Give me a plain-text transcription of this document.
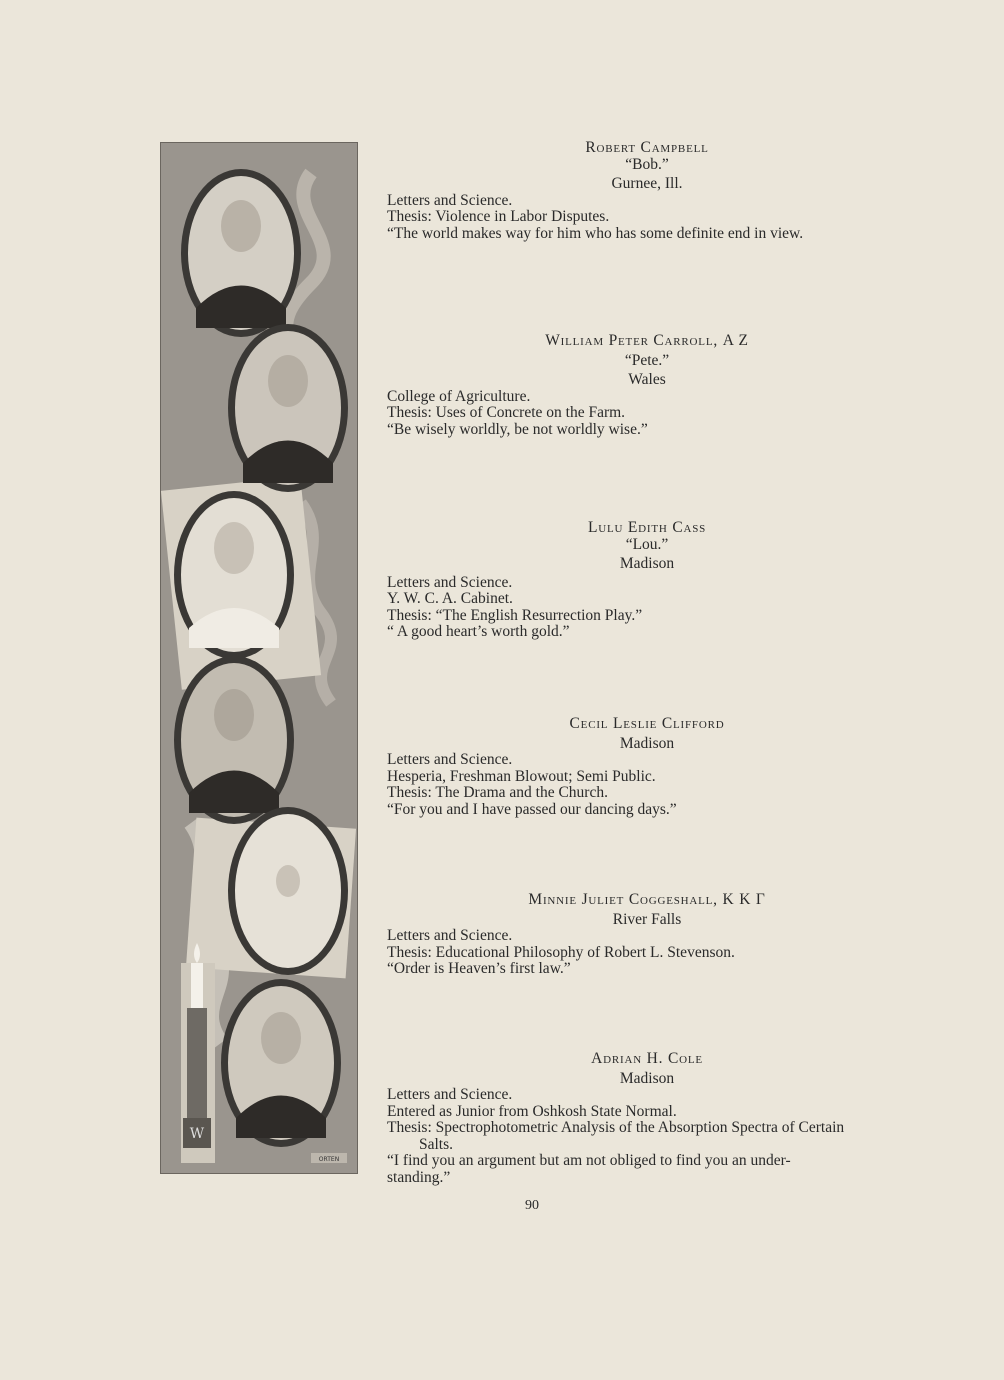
ORTEN
W
Robert Campbell
“Bob.”
Gurnee, Ill.
Letters and Science.
Thesis: Violence in Labor Disputes.
“The world makes way for him who has some definite end in view.
William Peter Carroll, Α Ζ
“Pete.”
Wales
College of Agriculture.
Thesis: Uses of Concrete on the Farm.
“Be wisely worldly, be not worldly wise.”
Lulu Edith Cass
“Lou.”
Madison
Letters and Science.
Y. W. C. A. Cabinet.
Thesis: “The English Resurrection Play.”
“ A good heart’s worth gold.”
Cecil Leslie Clifford
Madison
Letters and Science.
Hesperia, Freshman Blowout; Semi Public.
Thesis: The Drama and the Church.
“For you and I have passed our dancing days.”
Minnie Juliet Coggeshall, Κ Κ Γ
River Falls
Letters and Science.
Thesis: Educational Philosophy of Robert L. Stevenson.
“Order is Heaven’s first law.”
Adrian H. Cole
Madison
Letters and Science.
Entered as Junior from Oshkosh State Normal.
Thesis: Spectrophotometric Analysis of the Absorption Spectra of Certain
Salts.
“I find you an argument but am not obliged to find you an under-
standing.”
90
